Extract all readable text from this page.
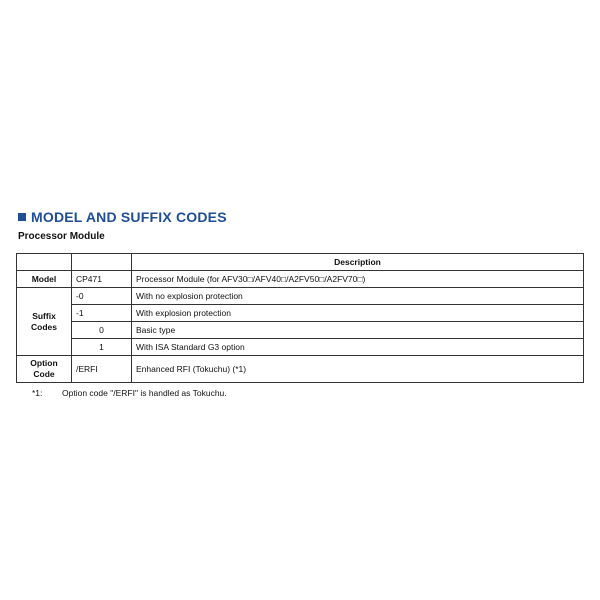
MODEL AND SUFFIX CODES
Processor Module
		Description
Model	CP471	Processor Module (for AFV30□/AFV40□/A2FV50□/A2FV70□)
Suffix
Codes	-0	With no explosion protection
	-1	With explosion protection
	0	Basic type
	1	With ISA Standard G3 option
Option
Code	/ERFI	Enhanced RFI (Tokuchu) (*1)
*1: Option code "/ERFI" is handled as Tokuchu.
